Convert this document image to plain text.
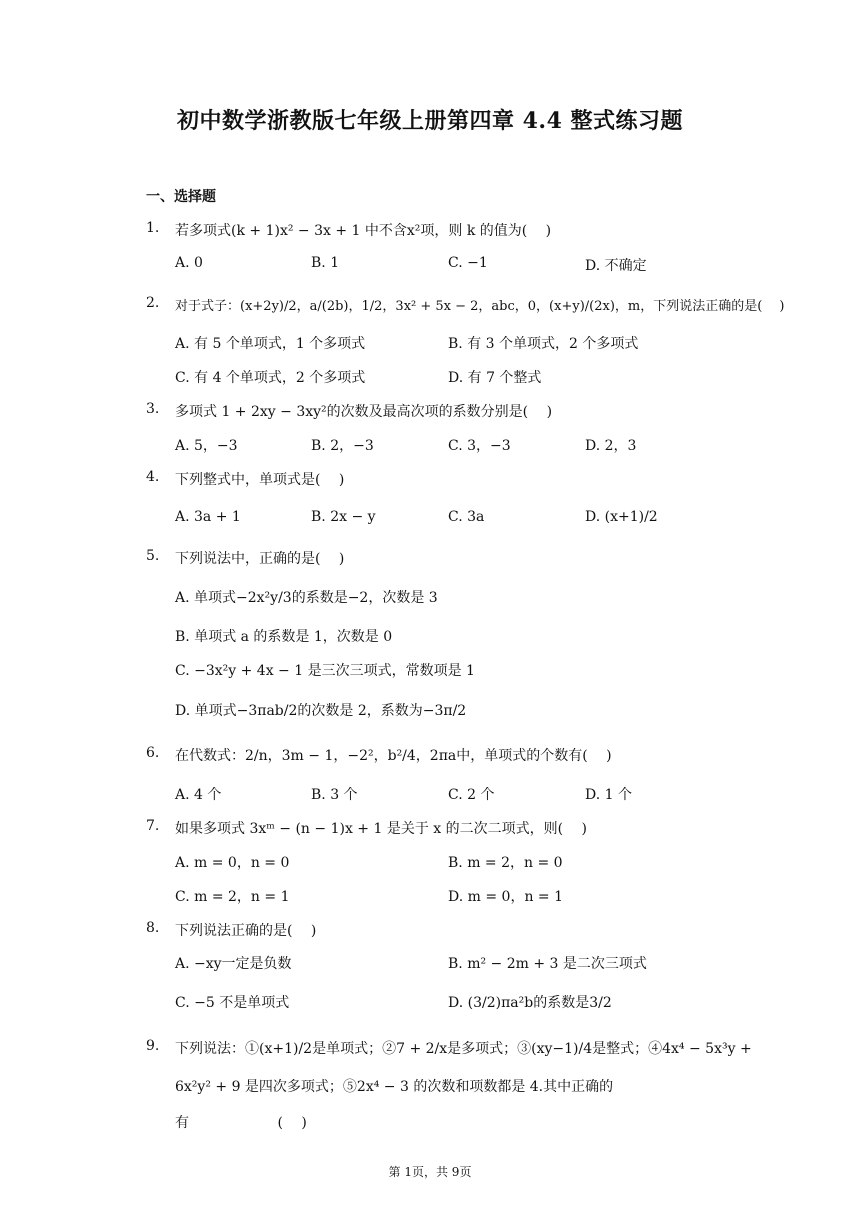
初中数学浙教版七年级上册第四章 4.4 整式练习题
一、选择题
1. 若多项式(k + 1)x² − 3x + 1 中不含x²项，则 k 的值为(　 )
A. 0	B. 1	C. −1	D. 不确定
2. 对于式子：(x+2y)/2，a/(2b)，1/2，3x² + 5x − 2，abc，0，(x+y)/(2x)，m，下列说法正确的是(　 )
A. 有 5 个单项式，1 个多项式	B. 有 3 个单项式，2 个多项式
C. 有 4 个单项式，2 个多项式	D. 有 7 个整式
3. 多项式 1 + 2xy − 3xy²的次数及最高次项的系数分别是(　 )
A. 5，−3	B. 2，−3	C. 3，−3	D. 2，3
4. 下列整式中，单项式是(　 )
A. 3a + 1	B. 2x − y	C. 3a	D. (x+1)/2
5. 下列说法中，正确的是(　 )
A. 单项式−2x²y/3的系数是−2，次数是 3
B. 单项式 a 的系数是 1，次数是 0
C. −3x²y + 4x − 1 是三次三项式，常数项是 1
D. 单项式−3πab/2的次数是 2，系数为−3π/2
6. 在代数式：2/n，3m − 1，−2²，b²/4，2πa中，单项式的个数有(　 )
A. 4 个	B. 3 个	C. 2 个	D. 1 个
7. 如果多项式 3xᵐ − (n − 1)x + 1 是关于 x 的二次二项式，则(　 )
A. m = 0，n = 0	B. m = 2，n = 0
C. m = 2，n = 1	D. m = 0，n = 1
8. 下列说法正确的是(　 )
A. −xy一定是负数	B. m² − 2m + 3 是二次三项式
C. −5 不是单项式	D. (3/2)πa²b的系数是3/2
9. 下列说法：①(x+1)/2是单项式；②7 + 2/x是多项式；③(xy−1)/4是整式；④4x⁴ − 5x³y +
6x²y² + 9 是四次多项式；⑤2x⁴ − 3 的次数和项数都是 4.其中正确的
有　　　　　　 (　 )
第 1页，共 9页
